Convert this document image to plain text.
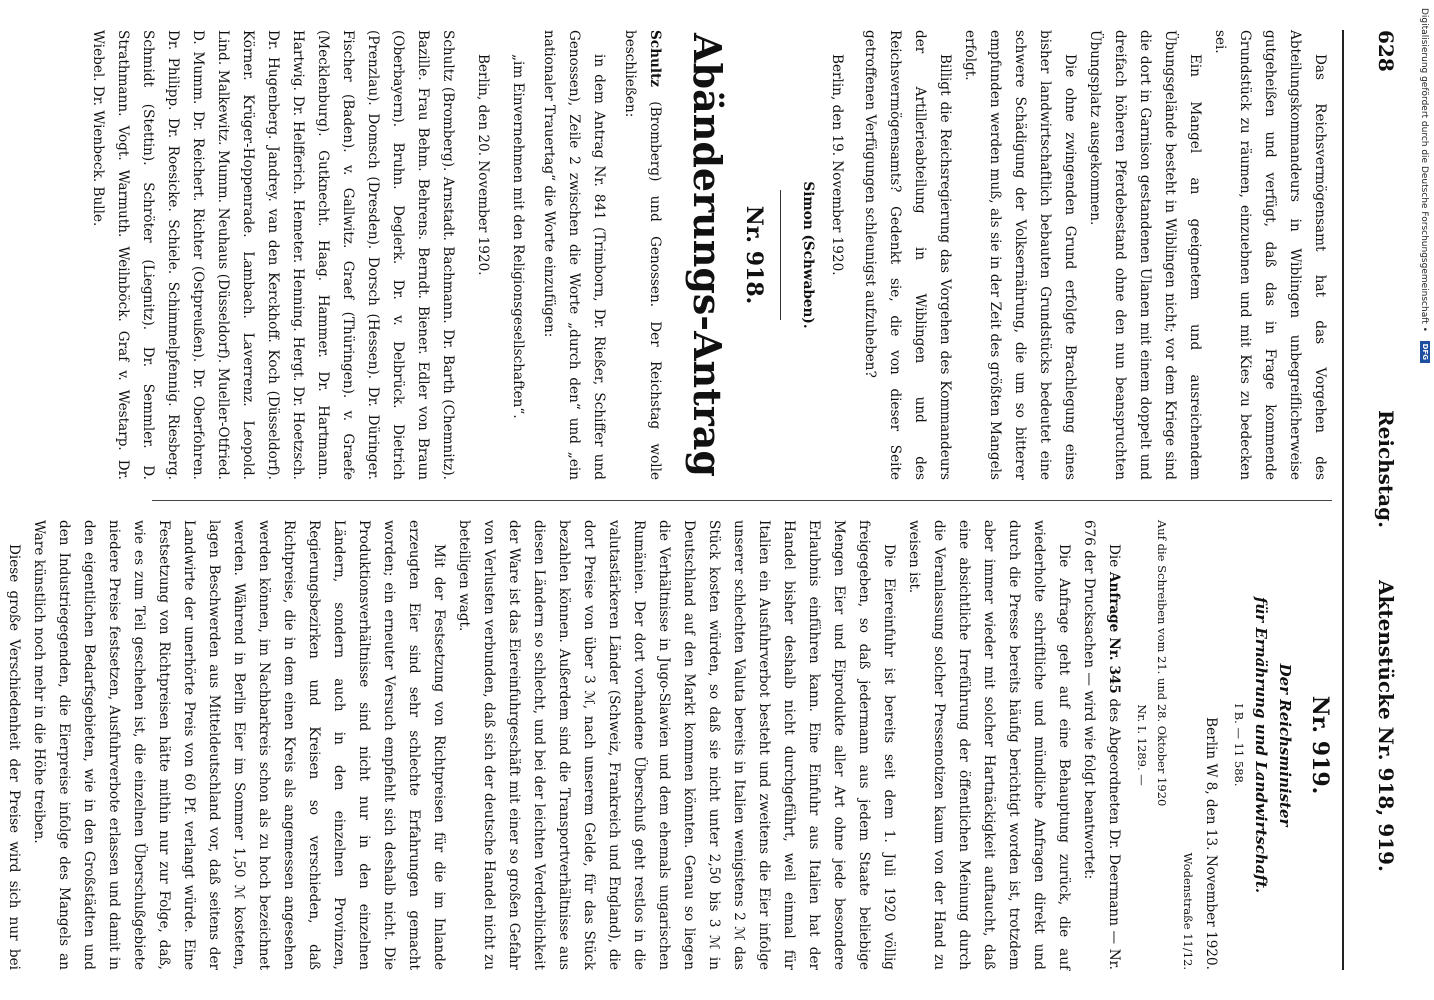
628
Reichstag.
Aktenstücke Nr. 918, 919.

Das Reichsvermögensamt hat das Vorgehen des Abteilungskommandeurs in Wiblingen unbegreiflicherweise gutgeheißen und verfügt, daß das in Frage kommende Grundstück zu räumen, einzuebnen und mit Kies zu bedecken sei.

Ein Mangel an geeignetem und ausreichendem Übungsgelände besteht in Wiblingen nicht; vor dem Kriege sind die dort in Garnison gestandenen Ulanen mit einem doppelt und dreifach höheren Pferdebestand ohne den nun beanspruchten Übungsplatz ausgekommen.

Die ohne zwingenden Grund erfolgte Brachlegung eines bisher landwirtschaftlich bebauten Grundstücks bedeutet eine schwere Schädigung der Volksernährung, die um so bitterer empfunden werden muß, als sie in der Zeit des größten Mangels erfolgt.

Billigt die Reichsregierung das Vorgehen des Kommandeurs der Artillerieabteilung in Wiblingen und des Reichsvermögensamts? Gedenkt sie, die von dieser Seite getroffenen Verfügungen schleunigst aufzuheben?

Berlin, den 19. November 1920.

Simon (Schwaben).

Nr. 918.
Abänderungs-Antrag

Schultz (Bromberg) und Genossen. Der Reichstag wolle beschließen:

in dem Antrag Nr. 841 (Trimborn, Dr. Rießer, Schiffer und Genossen), Zeile 2 zwischen die Worte „durch den“ und „ein nationaler Trauertag“ die Worte einzufügen:

„im Einvernehmen mit den Religionsgesellschaften“.

Berlin, den 20. November 1920.

Schultz (Bromberg). Arnstadt. Bachmann. Dr. Barth (Chemnitz). Bazille. Frau Behm. Behrens. Berndt. Biener. Edler von Braun (Oberbayern). Bruhn. Deglerk. Dr. v. Delbrück. Dietrich (Prenzlau). Domsch (Dresden). Dorsch (Hessen). Dr. Düringer. Fischer (Baden). v. Gallwitz. Graef (Thüringen). v. Graefe (Mecklenburg). Gutknecht. Haag. Hammer. Dr. Hartmann. Hartwig. Dr. Helfferich. Hemeter. Henning. Hergt. Dr. Hoetzsch. Dr. Hugenberg. Jandrey. van den Kerckhoff. Koch (Düsseldorf). Körner. Krüger-Hoppenrade. Lambach. Laverrenz. Leopold. Lind. Malkewitz. Mumm. Neuhaus (Düsseldorf). Mueller-Otfried. D. Mumm. Dr. Reichert. Richter (Ostpreußen). Dr. Oberfohren. Dr. Philipp. Dr. Roesicke. Schiele. Schimmelpfennig. Riesberg. Schmidt (Stettin). Schröter (Liegnitz). Dr. Semmler. D. Strathmann. Vogt. Warmuth. Weilnböck. Graf v. Westarp. Dr. Wiebel. Dr. Wienbeck. Bulle.

Nr. 919.
Der Reichsminister
für Ernährung und Landwirtschaft.

I B. — 11 588.

Berlin W 8, den 13. November 1920.

Wodenstraße 11/12.

Auf die Schreiben vom 21. und 28. Oktober 1920

Nr. I. 1289. —

Die Anfrage Nr. 345 des Abgeordneten Dr. Deermann — Nr. 676 der Drucksachen — wird wie folgt beantwortet:

Die Anfrage geht auf eine Behauptung zurück, die auf wiederholte schriftliche und mündliche Anfragen direkt und durch die Presse bereits häufig berichtigt worden ist, trotzdem aber immer wieder mit solcher Hartnäckigkeit auftaucht, daß eine absichtliche Irreführung der öffentlichen Meinung durch die Veranlassung solcher Pressenotizen kaum von der Hand zu weisen ist.

Die Eiereinfuhr ist bereits seit dem 1. Juli 1920 völlig freigegeben, so daß jedermann aus jedem Staate beliebige Mengen Eier und Eiprodukte aller Art ohne jede besondere Erlaubnis einführen kann. Eine Einfuhr aus Italien hat der Handel bisher deshalb nicht durchgeführt, weil einmal für Italien ein Ausfuhrverbot besteht und zweitens die Eier infolge unserer schlechten Valuta bereits in Italien wenigstens 2 ℳ das Stück kosten würden, so daß sie nicht unter 2,50 bis 3 ℳ in Deutschland auf den Markt kommen könnten. Genau so liegen die Verhältnisse in Jugo-Slawien und dem ehemals ungarischen Rumänien. Der dort vorhandene Überschuß geht restlos in die valutastärkeren Länder (Schweiz, Frankreich und England), die dort Preise von über 3 ℳ, nach unserem Gelde, für das Stück bezahlen können. Außerdem sind die Transportverhältnisse aus diesen Ländern so schlecht, und bei der leichten Verderblichkeit der Ware ist das Eiereinfuhrgeschäft mit einer so großen Gefahr von Verlusten verbunden, daß sich der deutsche Handel nicht zu beteiligen wagt.

Mit der Festsetzung von Richtpreisen für die im Inlande erzeugten Eier sind sehr schlechte Erfahrungen gemacht worden; ein erneuter Versuch empfiehlt sich deshalb nicht. Die Produktionsverhältnisse sind nicht nur in den einzelnen Ländern, sondern auch in den einzelnen Provinzen, Regierungsbezirken und Kreisen so verschieden, daß Richtpreise, die in dem einen Kreis als angemessen angesehen werden können, im Nachbarkreis schon als zu hoch bezeichnet werden. Während in Berlin Eier im Sommer 1,50 ℳ kosteten, lagen Beschwerden aus Mitteldeutschland vor, daß seitens der Landwirte der unerhörte Preis von 60 Pf. verlangt würde. Eine Festsetzung von Richtpreisen hätte mithin nur zur Folge, daß, wie es zum Teil geschehen ist, die einzelnen Überschußgebiete niedere Preise festsetzen, Ausfuhrverbote erlassen und damit in den eigentlichen Bedarfsgebieten, wie in den Großstädten und den Industriegegenden, die Eierpreise infolge des Mangels an Ware künstlich noch mehr in die Höhe treiben.

Diese große Verschiedenheit der Preise wird sich nur bei

Digitalisierung gefördert durch die Deutsche Forschungsgemeinschaft • DFG
